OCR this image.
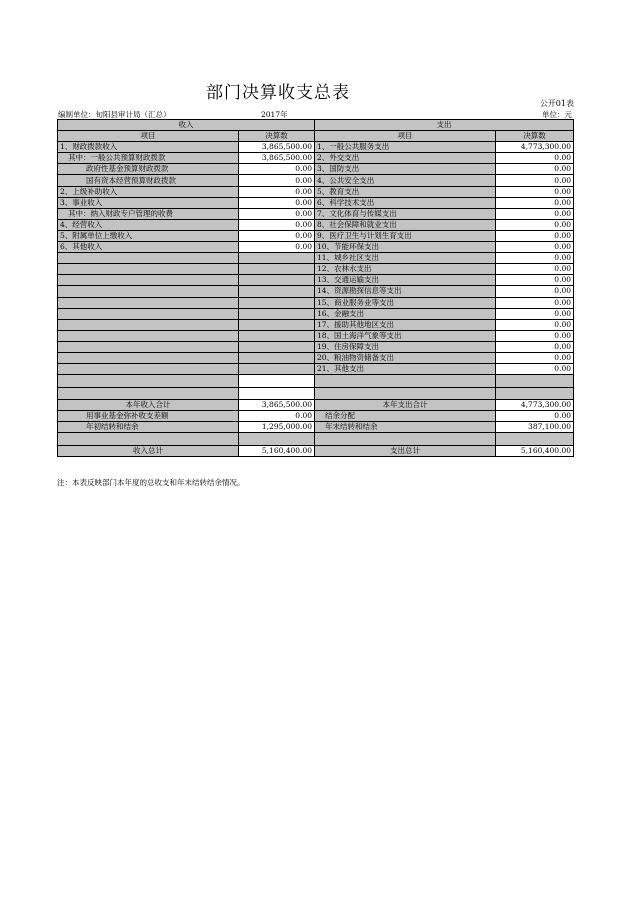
部门决算收支总表
公开01表
编制单位：旬阳县审计局（汇总）	2017年	单位：元
收入		支出	
项目	决算数	项目	决算数
1、财政拨款收入	3,865,500.00	1、一般公共服务支出	4,773,300.00
其中：一般公共预算财政拨款	3,865,500.00	2、外交支出	0.00
政府性基金预算财政拨款	0.00	3、国防支出	0.00
国有资本经营预算财政拨款	0.00	4、公共安全支出	0.00
2、上级补助收入	0.00	5、教育支出	0.00
3、事业收入	0.00	6、科学技术支出	0.00
其中：纳入财政专户管理的收费	0.00	7、文化体育与传媒支出	0.00
4、经营收入	0.00	8、社会保障和就业支出	0.00
5、附属单位上缴收入	0.00	9、医疗卫生与计划生育支出	0.00
6、其他收入	0.00	10、节能环保支出	0.00
		11、城乡社区支出	0.00
		12、农林水支出	0.00
		13、交通运输支出	0.00
		14、资源勘探信息等支出	0.00
		15、商业服务业等支出	0.00
		16、金融支出	0.00
		17、援助其他地区支出	0.00
		18、国土海洋气象等支出	0.00
		19、住房保障支出	0.00
		20、粮油物资储备支出	0.00
		21、其他支出	0.00

本年收入合计	3,865,500.00	本年支出合计	4,773,300.00
用事业基金弥补收支差额	0.00	结余分配	0.00
年初结转和结余	1,295,000.00	年末结转和结余	387,100.00

收入总计	5,160,400.00	支出总计	5,160,400.00
注：本表反映部门本年度的总收支和年末结转结余情况。
